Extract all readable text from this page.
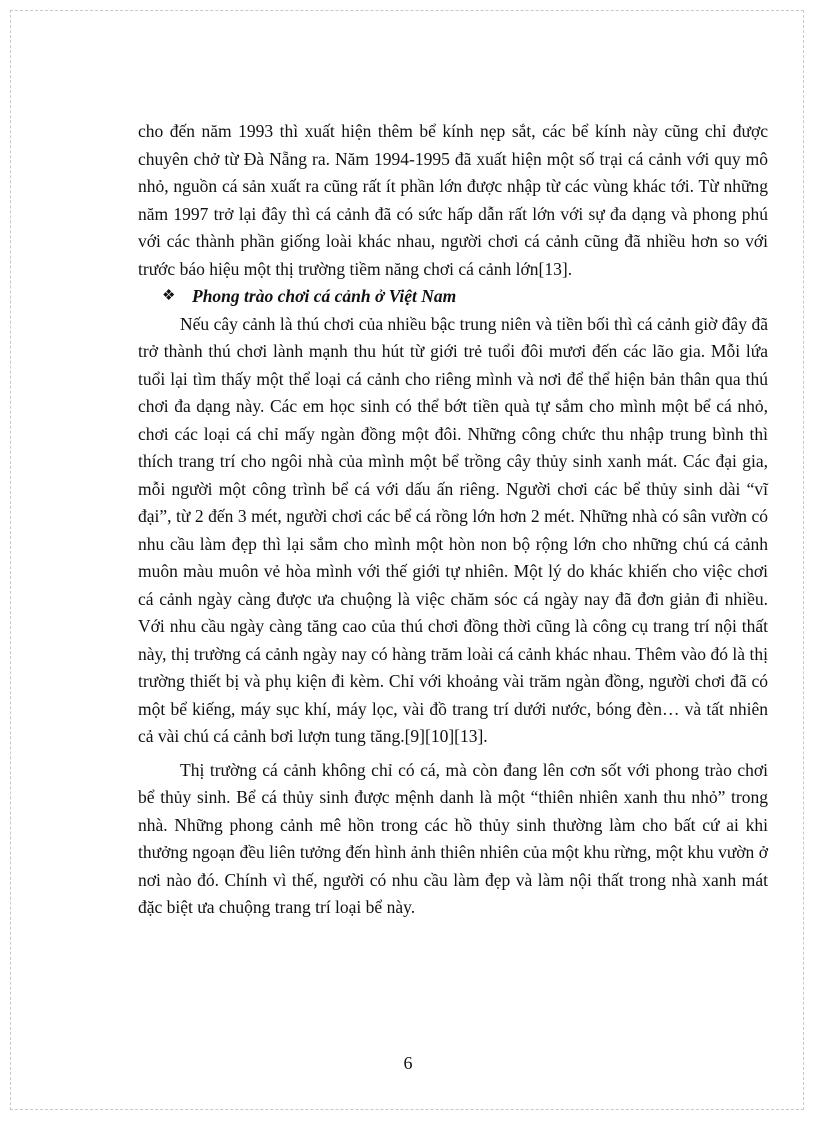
cho đến năm 1993 thì xuất hiện thêm bể kính nẹp sắt, các bể kính này cũng chỉ được chuyên chở từ Đà Nẵng ra. Năm 1994-1995 đã xuất hiện một số trại cá cảnh với quy mô nhỏ, nguồn cá sản xuất ra cũng rất ít phần lớn được nhập từ các vùng khác tới. Từ những năm 1997 trở lại đây thì cá cảnh đã có sức hấp dẫn rất lớn với sự đa dạng và phong phú với các thành phần giống loài khác nhau, người chơi cá cảnh cũng đã nhiều hơn so với trước báo hiệu một thị trường tiềm năng chơi cá cảnh lớn[13].

❖ Phong trào chơi cá cảnh ở Việt Nam

Nếu cây cảnh là thú chơi của nhiều bậc trung niên và tiền bối thì cá cảnh giờ đây đã trở thành thú chơi lành mạnh thu hút từ giới trẻ tuổi đôi mươi đến các lão gia. Mỗi lứa tuổi lại tìm thấy một thể loại cá cảnh cho riêng mình và nơi để thể hiện bản thân qua thú chơi đa dạng này. Các em học sinh có thể bớt tiền quà tự sắm cho mình một bể cá nhỏ, chơi các loại cá chỉ mấy ngàn đồng một đôi. Những công chức thu nhập trung bình thì thích trang trí cho ngôi nhà của mình một bể trồng cây thủy sinh xanh mát. Các đại gia, mỗi người một công trình bể cá với dấu ấn riêng. Người chơi các bể thủy sinh dài “vĩ đại”, từ 2 đến 3 mét, người chơi các bể cá rồng lớn hơn 2 mét. Những nhà có sân vườn có nhu cầu làm đẹp thì lại sắm cho mình một hòn non bộ rộng lớn cho những chú cá cảnh muôn màu muôn vẻ hòa mình với thế giới tự nhiên. Một lý do khác khiến cho việc chơi cá cảnh ngày càng được ưa chuộng là việc chăm sóc cá ngày nay đã đơn giản đi nhiều. Với nhu cầu ngày càng tăng cao của thú chơi đồng thời cũng là công cụ trang trí nội thất này, thị trường cá cảnh ngày nay có hàng trăm loài cá cảnh khác nhau. Thêm vào đó là thị trường thiết bị và phụ kiện đi kèm. Chỉ với khoảng vài trăm ngàn đồng, người chơi đã có một bể kiếng, máy sục khí, máy lọc, vài đồ trang trí dưới nước, bóng đèn… và tất nhiên cả vài chú cá cảnh bơi lượn tung tăng.[9][10][13].

Thị trường cá cảnh không chỉ có cá, mà còn đang lên cơn sốt với phong trào chơi bể thủy sinh. Bể cá thủy sinh được mệnh danh là một “thiên nhiên xanh thu nhỏ” trong nhà. Những phong cảnh mê hồn trong các hồ thủy sinh thường làm cho bất cứ ai khi thưởng ngoạn đều liên tưởng đến hình ảnh thiên nhiên của một khu rừng, một khu vườn ở nơi nào đó. Chính vì thế, người có nhu cầu làm đẹp và làm nội thất trong nhà xanh mát đặc biệt ưa chuộng trang trí loại bể này.

6
